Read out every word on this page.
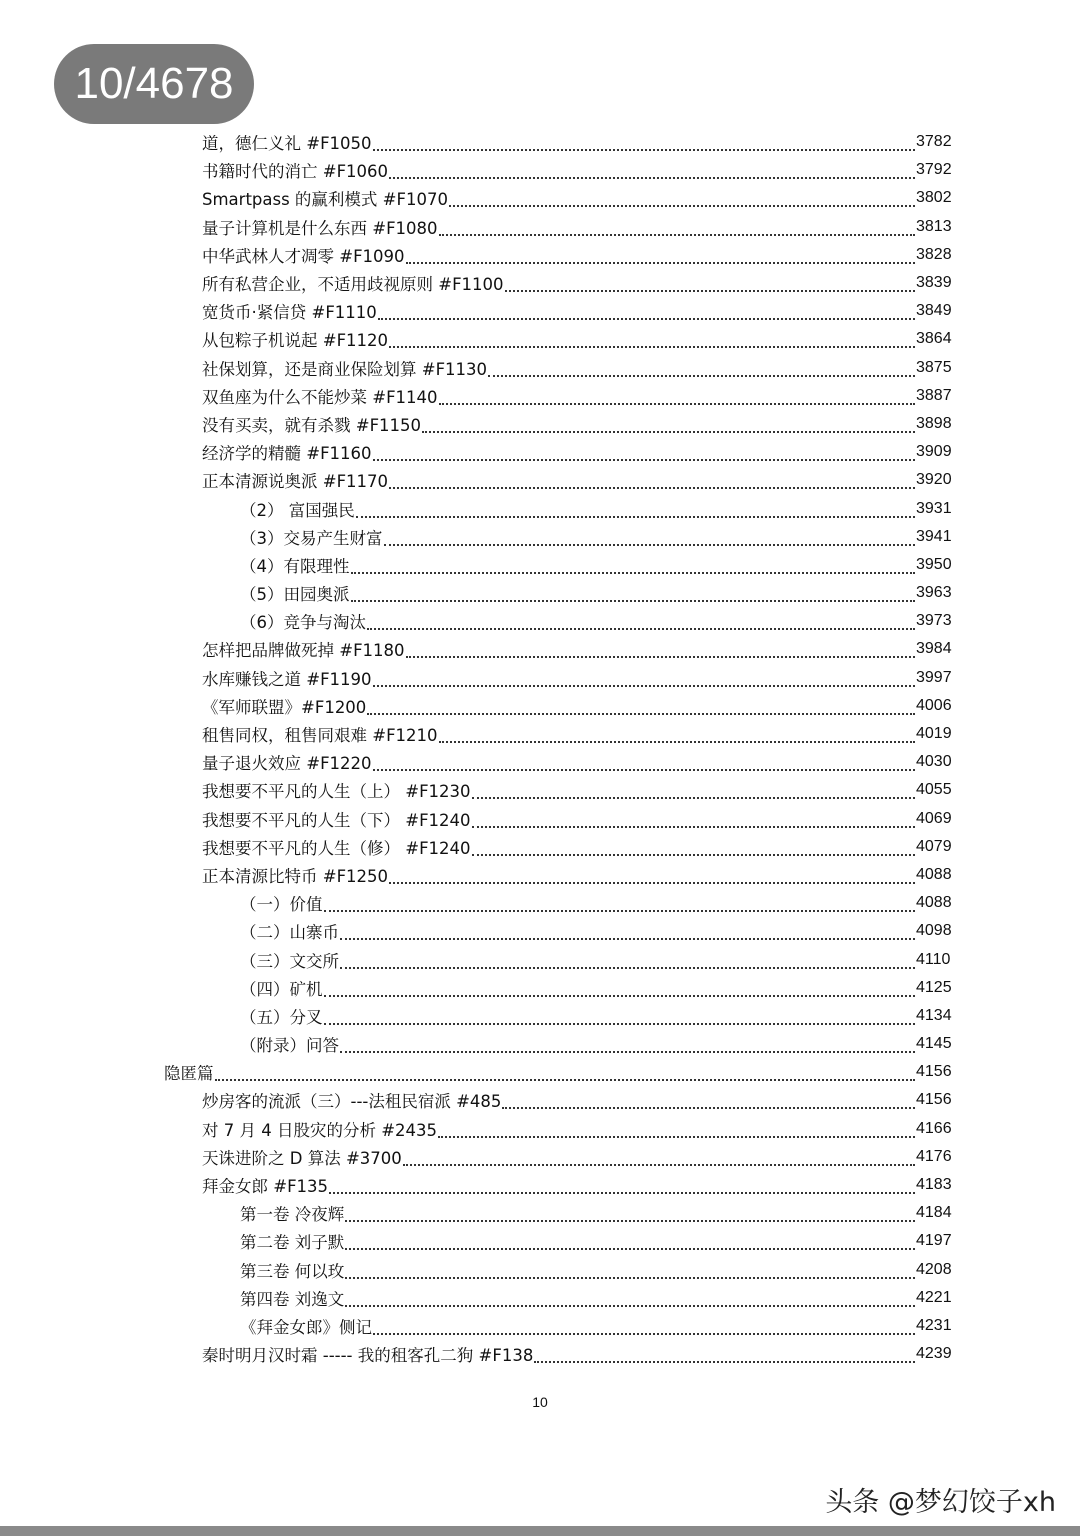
10/4678
道，德仁义礼 #F1050	3782
书籍时代的消亡 #F1060	3792
Smartpass 的赢利模式 #F1070	3802
量子计算机是什么东西 #F1080	3813
中华武林人才凋零 #F1090	3828
所有私营企业，不适用歧视原则 #F1100	3839
宽货币·紧信贷 #F1110	3849
从包粽子机说起 #F1120	3864
社保划算，还是商业保险划算 #F1130	3875
双鱼座为什么不能炒菜 #F1140	3887
没有买卖，就有杀戮 #F1150	3898
经济学的精髓 #F1160	3909
正本清源说奥派 #F1170	3920
（2） 富国强民	3931
（3）交易产生财富	3941
（4）有限理性	3950
（5）田园奥派	3963
（6）竞争与淘汰	3973
怎样把品牌做死掉 #F1180	3984
水库赚钱之道 #F1190	3997
《军师联盟》#F1200	4006
租售同权，租售同艰难 #F1210	4019
量子退火效应 #F1220	4030
我想要不平凡的人生（上） #F1230	4055
我想要不平凡的人生（下） #F1240	4069
我想要不平凡的人生（修） #F1240	4079
正本清源比特币 #F1250	4088
（一）价值	4088
（二）山寨币	4098
（三）文交所	4110
（四）矿机	4125
（五）分叉	4134
（附录）问答	4145
隐匿篇	4156
炒房客的流派（三）---法租民宿派 #485	4156
对 7 月 4 日股灾的分析 #2435	4166
天诛进阶之 D 算法 #3700	4176
拜金女郎 #F135	4183
第一卷 冷夜辉	4184
第二卷 刘子默	4197
第三卷 何以玫	4208
第四卷 刘逸文	4221
《拜金女郎》侧记	4231
秦时明月汉时霜 ----- 我的租客孔二狗 #F138	4239
10
头条 @梦幻饺子xh
